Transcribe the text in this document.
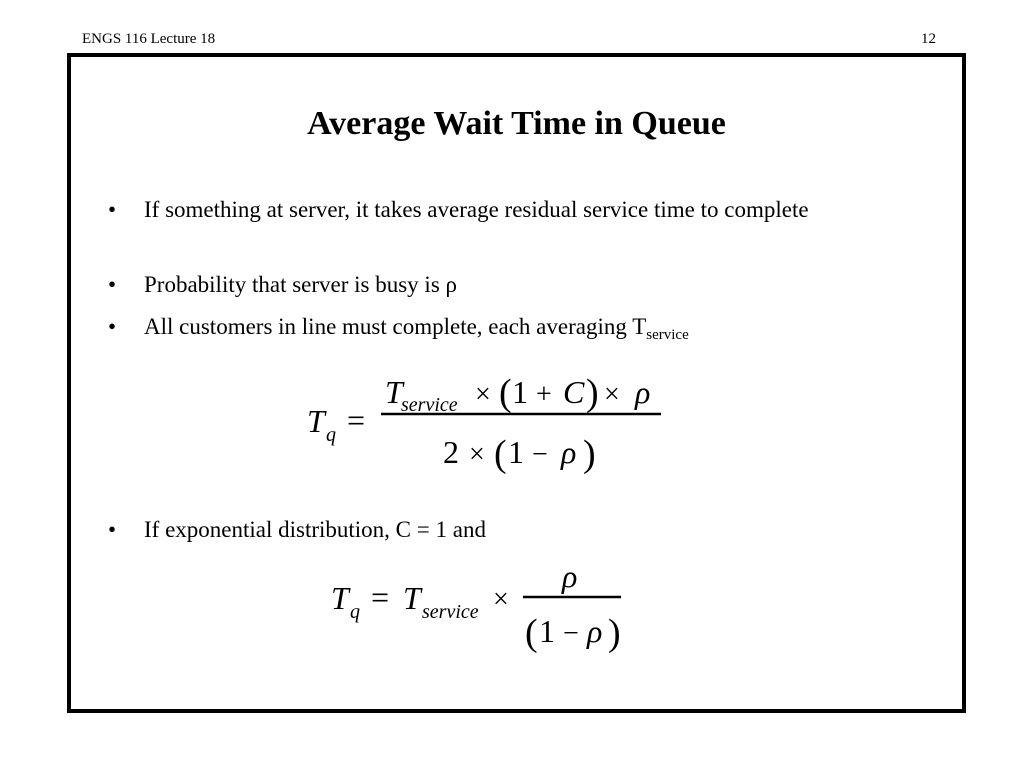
ENGS 116 Lecture 18	12
Average Wait Time in Queue
• If something at server, it takes average residual service time to complete
• Probability that server is busy is ρ
• All customers in line must complete, each averaging $T_{service}$
T q =
T
service × ( 1 + C ) × ρ
2 × ( 1 − ρ )
• If exponential distribution, C = 1 and
T q = T service ×
ρ
( 1 − ρ )
